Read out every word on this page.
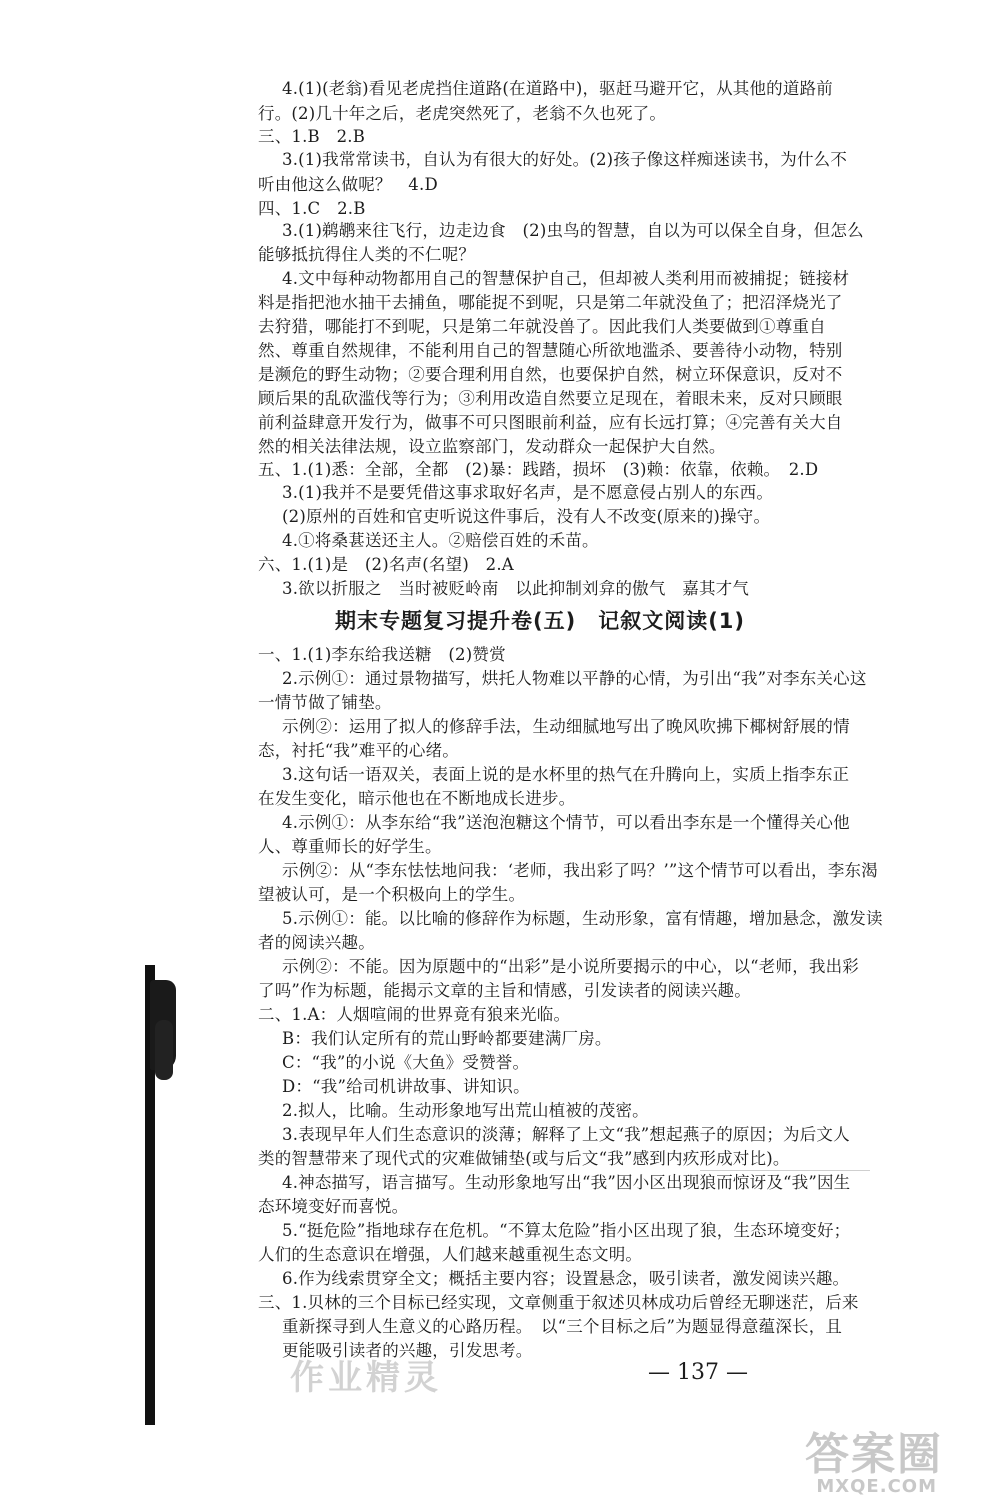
4.(1)(老翁)看见老虎挡住道路(在道路中)，驱赶马避开它，从其他的道路前
行。(2)几十年之后，老虎突然死了，老翁不久也死了。
三、1.B　2.B
3.(1)我常常读书，自认为有很大的好处。(2)孩子像这样痴迷读书，为什么不
听由他这么做呢？　4.D
四、1.C　2.B
3.(1)鹈鹕来往飞行，边走边食　(2)虫鸟的智慧，自以为可以保全自身，但怎么
能够抵抗得住人类的不仁呢？
4.文中每种动物都用自己的智慧保护自己，但却被人类利用而被捕捉；链接材
料是指把池水抽干去捕鱼，哪能捉不到呢，只是第二年就没鱼了；把沼泽烧光了
去狩猎，哪能打不到呢，只是第二年就没兽了。因此我们人类要做到①尊重自
然、尊重自然规律，不能利用自己的智慧随心所欲地滥杀、要善待小动物，特别
是濒危的野生动物；②要合理利用自然，也要保护自然，树立环保意识，反对不
顾后果的乱砍滥伐等行为；③利用改造自然要立足现在，着眼未来，反对只顾眼
前利益肆意开发行为，做事不可只图眼前利益，应有长远打算；④完善有关大自
然的相关法律法规，设立监察部门，发动群众一起保护大自然。
五、1.(1)悉：全部，全都　(2)暴：践踏，损坏　(3)赖：依靠，依赖。　2.D
3.(1)我并不是要凭借这事求取好名声，是不愿意侵占别人的东西。
(2)原州的百姓和官吏听说这件事后，没有人不改变(原来的)操守。
4.①将桑葚送还主人。②赔偿百姓的禾苗。
六、1.(1)是　(2)名声(名望)　2.A
3.欲以折服之　当时被贬岭南　以此抑制刘弇的傲气　嘉其才气
期末专题复习提升卷(五)　记叙文阅读(1)
一、1.(1)李东给我送糖　(2)赞赏
2.示例①：通过景物描写，烘托人物难以平静的心情，为引出“我”对李东关心这
一情节做了铺垫。
示例②：运用了拟人的修辞手法，生动细腻地写出了晚风吹拂下椰树舒展的情
态，衬托“我”难平的心绪。
3.这句话一语双关，表面上说的是水杯里的热气在升腾向上，实质上指李东正
在发生变化，暗示他也在不断地成长进步。
4.示例①：从李东给“我”送泡泡糖这个情节，可以看出李东是一个懂得关心他
人、尊重师长的好学生。
示例②：从“李东怯怯地问我：‘老师，我出彩了吗？’”这个情节可以看出，李东渴
望被认可，是一个积极向上的学生。
5.示例①：能。以比喻的修辞作为标题，生动形象，富有情趣，增加悬念，激发读
者的阅读兴趣。
示例②：不能。因为原题中的“出彩”是小说所要揭示的中心，以“老师，我出彩
了吗”作为标题，能揭示文章的主旨和情感，引发读者的阅读兴趣。
二、1.A：人烟喧闹的世界竟有狼来光临。
B：我们认定所有的荒山野岭都要建满厂房。
C：“我”的小说《大鱼》受赞誉。
D：“我”给司机讲故事、讲知识。
2.拟人，比喻。生动形象地写出荒山植被的茂密。
3.表现早年人们生态意识的淡薄；解释了上文“我”想起燕子的原因；为后文人
类的智慧带来了现代式的灾难做铺垫(或与后文“我”感到内疚形成对比)。
4.神态描写，语言描写。生动形象地写出“我”因小区出现狼而惊讶及“我”因生
态环境变好而喜悦。
5.“挺危险”指地球存在危机。“不算太危险”指小区出现了狼，生态环境变好；
人们的生态意识在增强，人们越来越重视生态文明。
6.作为线索贯穿全文；概括主要内容；设置悬念，吸引读者，激发阅读兴趣。
三、1.贝林的三个目标已经实现，文章侧重于叙述贝林成功后曾经无聊迷茫，后来
重新探寻到人生意义的心路历程。　以“三个目标之后”为题显得意蕴深长，且
更能吸引读者的兴趣，引发思考。
作业精灵	— 137 —
答案圈
MXQE.COM
